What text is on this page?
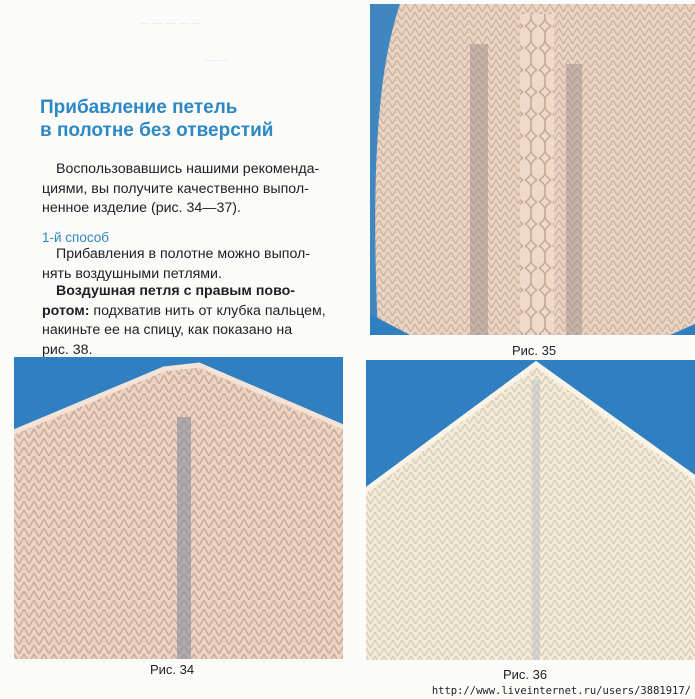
— — — — —
— —
Прибавление петель
в полотне без отверстий
Воспользовавшись нашими рекоменда-
циями, вы получите качественно выпол-
ненное изделие (рис. 34—37).
1-й способ
Прибавления в полотне можно выпол-
нять воздушными петлями.
Воздушная петля с правым пово-
ротом: подхватив нить от клубка пальцем,
накиньте ее на спицу, как показано на
рис. 38.	Рис. 35
Рис. 34	Рис. 36
http://www.liveinternet.ru/users/3881917/
